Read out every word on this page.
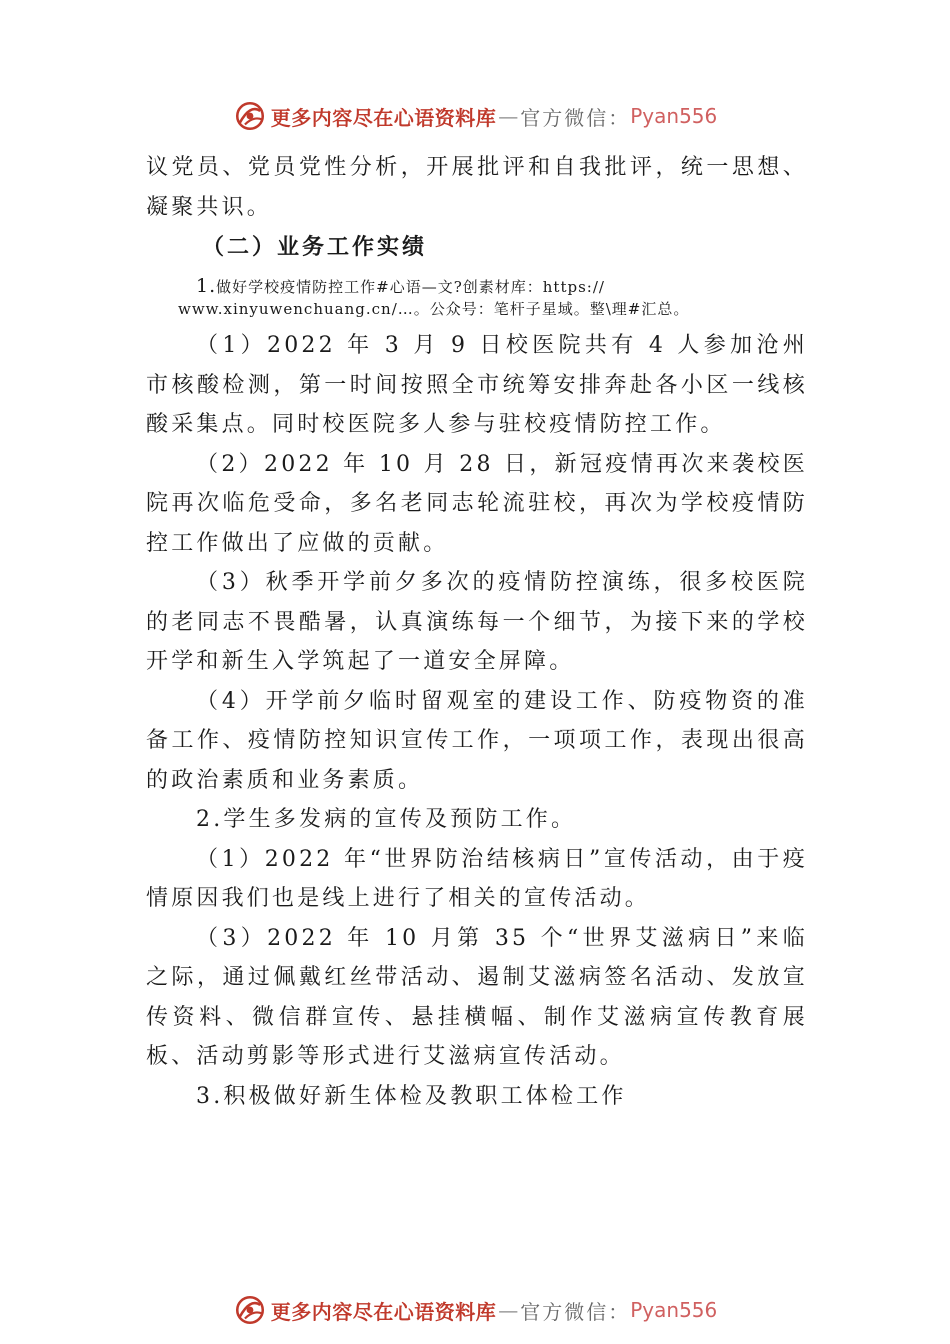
更多内容尽在心语资料库 — 官方微信： Pyan556

议党员、党员党性分析，开展批评和自我批评，统一思想、 凝聚共识。

（二）业务工作实绩

1.做好学校疫情防控工作#心语—文?创素材库：https://
www.xinyuwenchuang.cn/…。公众号：笔杆子星域。整\理#汇总。

（1）2022 年 3 月 9 日校医院共有 4 人参加沧州市核酸检测，第一时间按照全市统筹安排奔赴各小区一线核酸采集点。同时校医院多人参与驻校疫情防控工作。

（2）2022 年 10 月 28 日，新冠疫情再次来袭校医院再次临危受命，多名老同志轮流驻校，再次为学校疫情防控工作做出了应做的贡献。

（3）秋季开学前夕多次的疫情防控演练，很多校医院的老同志不畏酷暑，认真演练每一个细节，为接下来的学校开学和新生入学筑起了一道安全屏障。

（4）开学前夕临时留观室的建设工作、防疫物资的准备工作、疫情防控知识宣传工作，一项项工作，表现出很高的政治素质和业务素质。

2.学生多发病的宣传及预防工作。

（1）2022 年“世界防治结核病日”宣传活动，由于疫情原因我们也是线上进行了相关的宣传活动。

（3）2022 年 10 月第 35 个“世界艾滋病日”来临之际，通过佩戴红丝带活动、遏制艾滋病签名活动、发放宣传资料、微信群宣传、悬挂横幅、制作艾滋病宣传教育展板、活动剪影等形式进行艾滋病宣传活动。

3.积极做好新生体检及教职工体检工作

更多内容尽在心语资料库 — 官方微信： Pyan556
